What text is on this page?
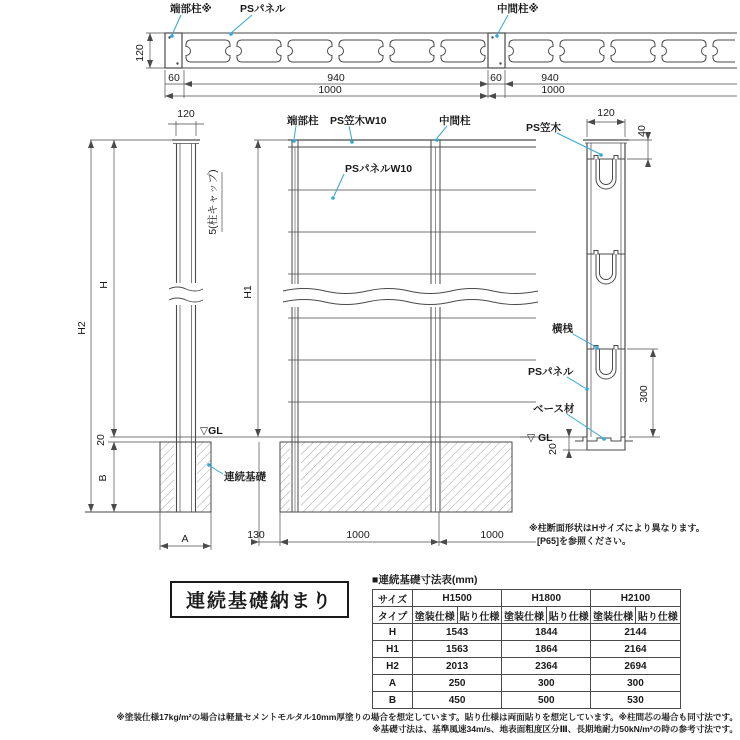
端部柱※	PSパネル	中間柱※
120
60	940	60	940
1000	1000
120
5(柱キャップ)
H2
H
20
B
A
▽GL
連続基礎
端部柱 PS笠木W10	中間柱
PSパネルW10
H1
130	1000	1000
120
40
300
20
PS笠木
横桟
PSパネル
ベース材
▽ GL
※柱断面形状はHサイズにより異なります。
[P65]を参照ください。
連続基礎納まり
■連続基礎寸法表(mm)
サイズ	H1500		H1800		H2100	
タイプ	塗装仕様	貼り仕様	塗装仕様	貼り仕様	塗装仕様	貼り仕様
H	1543		1844		2144	
H1	1563		1864		2164	
H2	2013		2364		2694	
A	250		300		300	
B	450		500		530	
※塗装仕様17kg/m²の場合は軽量セメントモルタル10mm厚塗りの場合を想定しています。貼り仕様は両面貼りを想定しています。※柱間芯の場合も同寸法です。
※基礎寸法は、基準風速34m/s、地表面粗度区分Ⅲ、長期地耐力50kN/m²の時の参考寸法です。
